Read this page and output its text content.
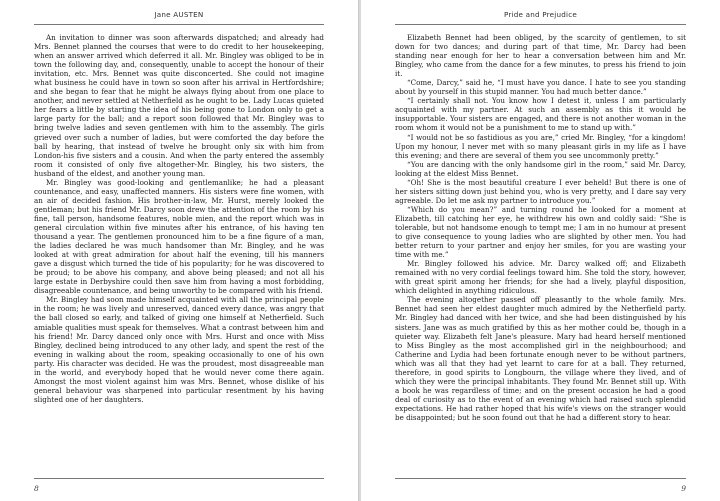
Jane AUSTEN

An invitation to dinner was soon afterwards dispatched; and already had Mrs. Bennet planned the courses that were to do credit to her housekeeping, when an answer arrived which deferred it all. Mr. Bingley was obliged to be in town the following day, and, consequently, unable to accept the honour of their invitation, etc. Mrs. Bennet was quite disconcerted. She could not imagine what business he could have in town so soon after his arrival in Hertfordshire; and she began to fear that he might be always flying about from one place to another, and never settled at Netherfield as he ought to be. Lady Lucas quieted her fears a little by starting the idea of his being gone to London only to get a large party for the ball; and a report soon followed that Mr. Bingley was to bring twelve ladies and seven gentlemen with him to the assembly. The girls grieved over such a number of ladies, but were comforted the day before the ball by hearing, that instead of twelve he brought only six with him from London-his five sisters and a cousin. And when the party entered the assembly room it consisted of only five altogether-Mr. Bingley, his two sisters, the husband of the eldest, and another young man.

Mr. Bingley was good-looking and gentlemanlike; he had a pleasant countenance, and easy, unaffected manners. His sisters were fine women, with an air of decided fashion. His brother-in-law, Mr. Hurst, merely looked the gentleman; but his friend Mr. Darcy soon drew the attention of the room by his fine, tall person, handsome features, noble mien, and the report which was in general circulation within five minutes after his entrance, of his having ten thousand a year. The gentlemen pronounced him to be a fine figure of a man, the ladies declared he was much handsomer than Mr. Bingley, and he was looked at with great admiration for about half the evening, till his manners gave a disgust which turned the tide of his popularity; for he was discovered to be proud; to be above his company, and above being pleased; and not all his large estate in Derbyshire could then save him from having a most forbidding, disagreeable countenance, and being unworthy to be compared with his friend.

Mr. Bingley had soon made himself acquainted with all the principal people in the room; he was lively and unreserved, danced every dance, was angry that the ball closed so early, and talked of giving one himself at Netherfield. Such amiable qualities must speak for themselves. What a contrast between him and his friend! Mr. Darcy danced only once with Mrs. Hurst and once with Miss Bingley, declined being introduced to any other lady, and spent the rest of the evening in walking about the room, speaking occasionally to one of his own party. His character was decided. He was the proudest, most disagreeable man in the world, and everybody hoped that he would never come there again. Amongst the most violent against him was Mrs. Bennet, whose dislike of his general behaviour was sharpened into particular resentment by his having slighted one of her daughters.

8
Pride and Prejudice

Elizabeth Bennet had been obliged, by the scarcity of gentlemen, to sit down for two dances; and during part of that time, Mr. Darcy had been standing near enough for her to hear a conversation between him and Mr. Bingley, who came from the dance for a few minutes, to press his friend to join it.

“Come, Darcy,” said he, “I must have you dance. I hate to see you standing about by yourself in this stupid manner. You had much better dance.”

“I certainly shall not. You know how I detest it, unless I am particularly acquainted with my partner. At such an assembly as this it would be insupportable. Your sisters are engaged, and there is not another woman in the room whom it would not be a punishment to me to stand up with.”

“I would not be so fastidious as you are,” cried Mr. Bingley, “for a kingdom! Upon my honour, I never met with so many pleasant girls in my life as I have this evening; and there are several of them you see uncommonly pretty.”

“You are dancing with the only handsome girl in the room,” said Mr. Darcy, looking at the eldest Miss Bennet.

“Oh! She is the most beautiful creature I ever beheld! But there is one of her sisters sitting down just behind you, who is very pretty, and I dare say very agreeable. Do let me ask my partner to introduce you.”

“Which do you mean?” and turning round he looked for a moment at Elizabeth, till catching her eye, he withdrew his own and coldly said: “She is tolerable, but not handsome enough to tempt me; I am in no humour at present to give consequence to young ladies who are slighted by other men. You had better return to your partner and enjoy her smiles, for you are wasting your time with me.”

Mr. Bingley followed his advice. Mr. Darcy walked off; and Elizabeth remained with no very cordial feelings toward him. She told the story, however, with great spirit among her friends; for she had a lively, playful disposition, which delighted in anything ridiculous.

The evening altogether passed off pleasantly to the whole family. Mrs. Bennet had seen her eldest daughter much admired by the Netherfield party. Mr. Bingley had danced with her twice, and she had been distinguished by his sisters. Jane was as much gratified by this as her mother could be, though in a quieter way. Elizabeth felt Jane's pleasure. Mary had heard herself mentioned to Miss Bingley as the most accomplished girl in the neighbourhood; and Catherine and Lydia had been fortunate enough never to be without partners, which was all that they had yet learnt to care for at a ball. They returned, therefore, in good spirits to Longbourn, the village where they lived, and of which they were the principal inhabitants. They found Mr. Bennet still up. With a book he was regardless of time; and on the present occasion he had a good deal of curiosity as to the event of an evening which had raised such splendid expectations. He had rather hoped that his wife's views on the stranger would be disappointed; but he soon found out that he had a different story to hear.

9
